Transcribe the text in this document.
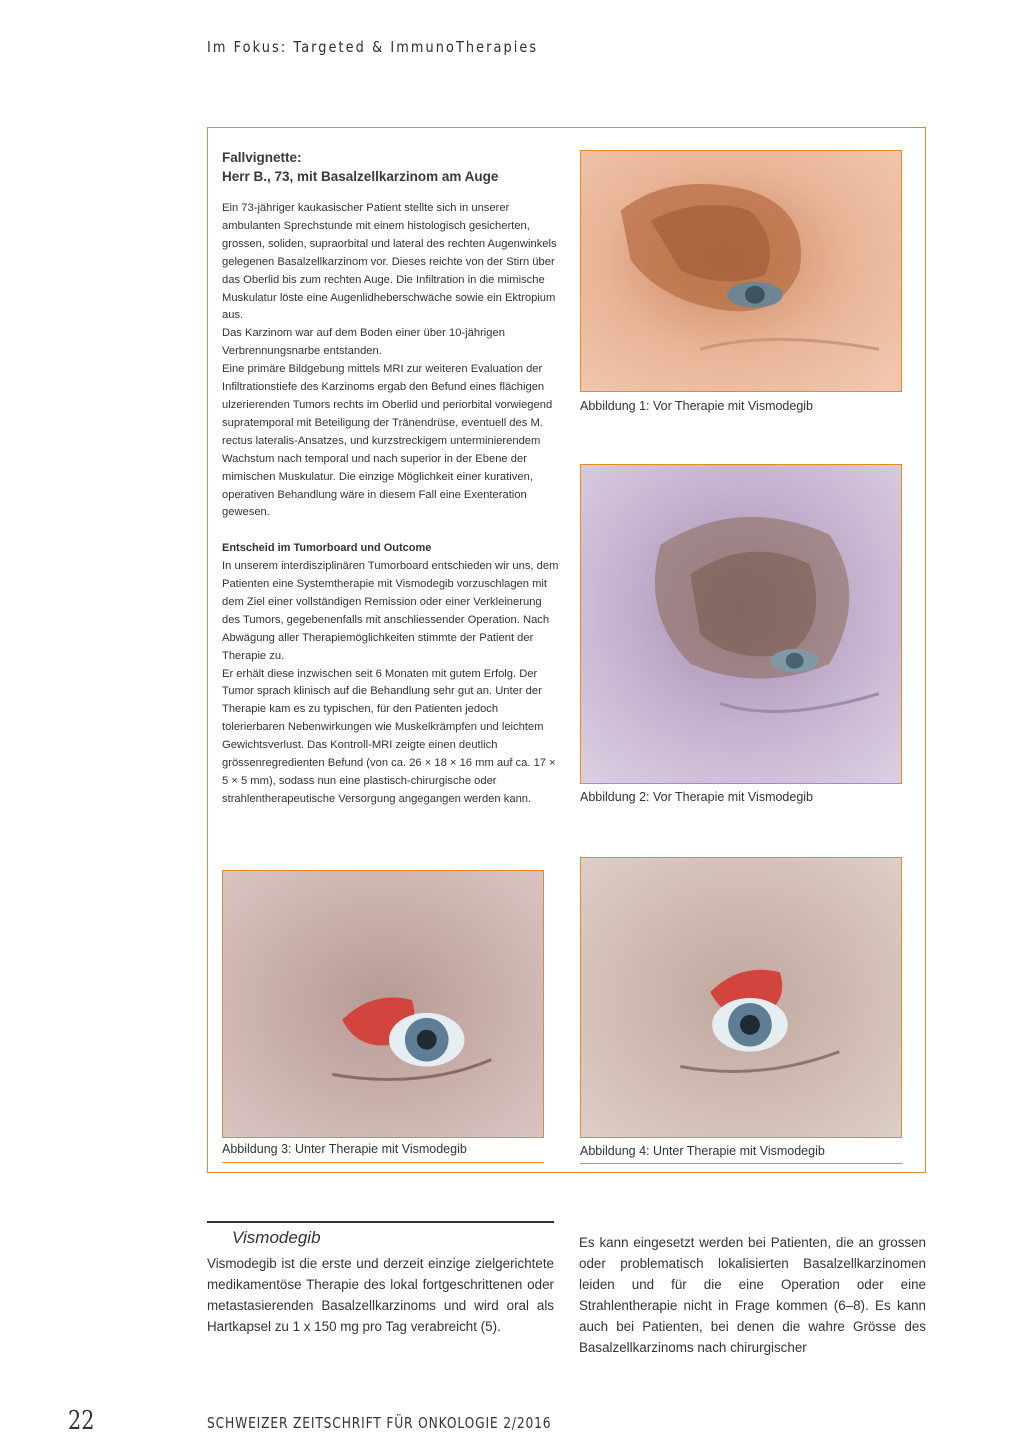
Im Fokus: Targeted & ImmunoTherapies
Fallvignette:
Herr B., 73, mit Basalzellkarzinom am Auge

Ein 73-jähriger kaukasischer Patient stellte sich in unserer ambulanten Sprechstunde mit einem histologisch gesicherten, grossen, soliden, supraorbital und lateral des rechten Augenwinkels gelegenen Basalzellkarzinom vor. Dieses reichte von der Stirn über das Oberlid bis zum rechten Auge. Die Infiltration in die mimische Muskulatur löste eine Augenlidheberschwäche sowie ein Ektropium aus.

Das Karzinom war auf dem Boden einer über 10-jährigen Verbrennungsnarbe entstanden.

Eine primäre Bildgebung mittels MRI zur weiteren Evaluation der Infiltrationstiefe des Karzinoms ergab den Befund eines flächigen ulzerierenden Tumors rechts im Oberlid und periorbital vorwiegend supratemporal mit Beteiligung der Tränendrüse, eventuell des M. rectus lateralis-Ansatzes, und kurzstreckigem unterminierendem Wachstum nach temporal und nach superior in der Ebene der mimischen Muskulatur. Die einzige Möglichkeit einer kurativen, operativen Behandlung wäre in diesem Fall eine Exenteration gewesen.

Entscheid im Tumorboard und Outcome

In unserem interdisziplinären Tumorboard entschieden wir uns, dem Patienten eine Systemtherapie mit Vismodegib vorzuschlagen mit dem Ziel einer vollständigen Remission oder einer Verkleinerung des Tumors, gegebenenfalls mit anschliessender Operation. Nach Abwägung aller Therapiemöglichkeiten stimmte der Patient der Therapie zu.

Er erhält diese inzwischen seit 6 Monaten mit gutem Erfolg. Der Tumor sprach klinisch auf die Behandlung sehr gut an. Unter der Therapie kam es zu typischen, für den Patienten jedoch tolerierbaren Nebenwirkungen wie Muskelkrämpfen und leichtem Gewichtsverlust. Das Kontroll-MRI zeigte einen deutlich grössenregredienten Befund (von ca. 26 × 18 × 16 mm auf ca. 17 × 5 × 5 mm), sodass nun eine plastisch-chirurgische oder strahlentherapeutische Versorgung angegangen werden kann.

Abbildung 1: Vor Therapie mit Vismodegib
Abbildung 2: Vor Therapie mit Vismodegib
Abbildung 3: Unter Therapie mit Vismodegib	Abbildung 4: Unter Therapie mit Vismodegib
Vismodegib

Vismodegib ist die erste und derzeit einzige zielgerichtete medikamentöse Therapie des lokal fortgeschrittenen oder metastasierenden Basalzellkarzinoms und wird oral als Hartkapsel zu 1 x 150 mg pro Tag verabreicht (5).

Es kann eingesetzt werden bei Patienten, die an grossen oder problematisch lokalisierten Basalzellkarzinomen leiden und für die eine Operation oder eine Strahlentherapie nicht in Frage kommen (6–8). Es kann auch bei Patienten, bei denen die wahre Grösse des Basalzellkarzinoms nach chirurgischer

22	SCHWEIZER ZEITSCHRIFT FÜR ONKOLOGIE 2/2016
